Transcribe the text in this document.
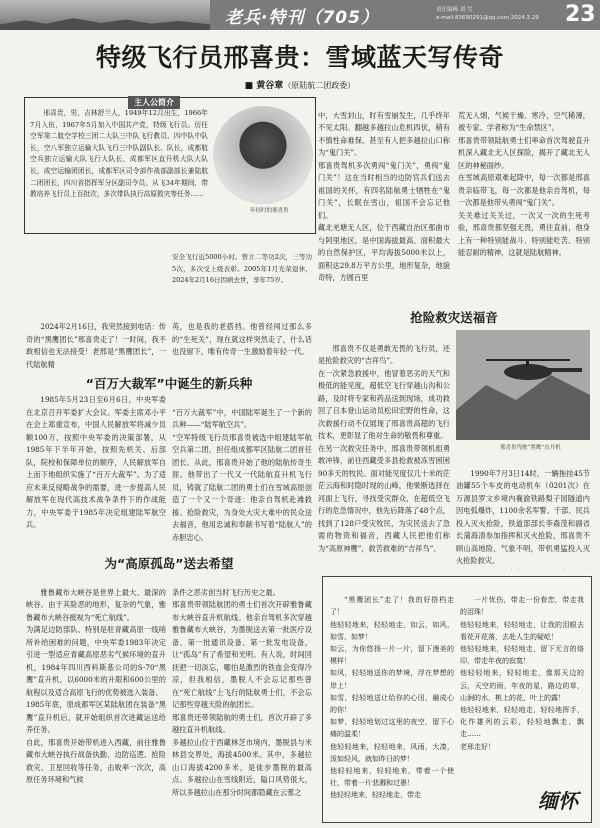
老兵·特刊（705）	责任编辑 刘 雪
e-mail:83690291@qq.com 2024.3.29 23
特级飞行员邢喜贵：雪域蓝天写传奇
■ 黄谷章（原陆航二团政委）
主人公简介

邢喜贵，男，吉林舒兰人，1949年12月出生，1966年7月入伍，1967年5月加入中国共产党，特级飞行员。历任空军第二航空学校三团二大队三中队飞行教员、四中队中队长，空八军独立运输大队飞行三中队副队长、队长，成都航空兵独立运输大队飞行大队长，成都军区直升机大队大队长，成空运输团团长，成都军区司令部作战部副部长兼陆航二团团长，四川省指挥军分区副司令员。从飞34年期间，带教培养飞行员上百批次，多次带队执行高原救灾等任务……

年轻时的邢喜贵

安全飞行近5000小时。曾立二等功2次，三等功5次，多次受上级表彰。2005年1月光荣退休，2024年2月16日因病去世，享年75岁。

2024年2月16日，我突然接到电话：传奇的“黑鹰团长”邢喜贵走了！一时间，我不敢相信也无法接受！老邢是“黑鹰团长”，一代陆航精

英，也是我的老搭档。他曾经闯过那么多的“生死关”，现在就这样突然走了，什么话也没留下，唯有传奇一生激励着年轻一代。

“百万大裁军”中诞生的新兵种

1985年5月23日至6月6日，中央军委在北京召开军委扩大会议。军委主席邓小平在会上郑重宣布，中国人民解放军将减少员额100万，按照中央军委的决策部署，从1985年下半年开始，按照先机关、后部队，院校和保障单位的顺序，人民解放军自上而下地组织实施了“百万大裁军”。为了适应未来反侵略战争的需要，进一步提高人民解放军在现代高技术战争条件下的作战能力，中央军委于1985年决定组建陆军航空兵。

“百万大裁军”中，中国陆军诞生了一个新的兵种——“陆军航空兵”。
“空军特级飞行员邢喜贵被选中组建陆军航空兵第二团，担任组成都军区陆航二团首任团长。从此，邢喜贵开始了他的陆航传奇生涯。他带出了一代又一代陆航直升机飞行员，铸就了陆航二团的勇士们在雪域高原创造了一个又一个奇迹：他亲自驾机赴滩救援、抢险救灾，为身处大灾大难中的民众送去福音，他用忠诚和奉献书写着“陆航人”的赤胆忠心。

为“高原孤岛”送去希望

雅鲁藏布大峡谷是世界上最大、最深的峡谷。由于其险恶的地形，复杂的气象，雅鲁藏布大峡谷被视为“死亡航线”。
为满足边防部队、特别是驻青藏高原一线哨所补给困难的问题，中央军委1983年决定引进一型适应青藏高原恶劣气候环境的直升机，1984年四川西科斯基公司的S-70“黑鹰”直升机，以6000米的升限和600公里的航程以及适合高原飞行的优势被选入装备。
1985年底，原成都军区某陆航团在装备“黑鹰”直升机后，就开始组织首次进藏运送给养任务。
自此，邢喜贵开始带机进入西藏，前往雅鲁藏布大峡谷执行战备执勤、边防巡逻、抢险救灾、卫星回收等任务，击败率一次次，高原任务环境和气候

条件之恶劣创当时飞行历史之最。
邢喜贵带领陆航团的勇士们首次开辟雅鲁藏布大峡谷直升机航线。他亲自驾机多次穿越雅鲁藏布大峡谷，为墨脱送去第一批医疗设备、第一批通讯设备、第一批发电设备，让“孤岛”有了希望和光明。有人说，时间回抚把一切淡忘，哪怕是激烈的铁血会变得冷凉，但我相信，墨脱人不会忘记那些曾在“死亡航线”上飞行的陆航勇士们，不会忘记那些穿越天险的航团长。
邢喜贵还带领陆航的勇士们，首次开辟了多越拉直升机航线。
多越拉山位于西藏林芝市境内，墨脱县与米林县交界处，海拔4500米。其中，多越拉山口海拔4200多米，是徒步墨脱的最高点。多越拉山在雪线附近，隘口风势很大，所以多越拉山在那分时间都隐藏在云雾之

中，大雪封山，时有雪崩发生，几乎终年不见太阳。翻越多越拉山危机四伏，稍有不慎性命难保。甚至有人把多越拉山口称为“鬼门关”。
邢喜贵驾机多次勇闯“鬼门关”，勇闯“鬼门关”！这在当时相当的边防官兵们送去祖国的关怀，有四名陆航勇士牺牲在“鬼门关”，长眠在雪山，祖国不会忘记他们。
藏北羌塘无人区，位于西藏自治区那曲市与阿里地区，是中国海拔最高、面积最大的自然保护区，平均海拔5000米以上，面积达29.8万平方公里，地形复杂，地貌奇特，方圆百里

荒无人烟，气候干燥、寒冷，空气稀薄，被专家、学者称为“生命禁区”。
邢喜贵带领陆航勇士们率命首次驾驶直升机深入藏北无人区探险，揭开了藏北无人区的神秘面纱。
在雪域高原艰难起降中，每一次都是邢喜贵亲临带飞，每一次都是他亲自驾机，每一次都是他带头勇闯“鬼门关”。
关关难过关关过，一次又一次的生死考验，邢喜贵都坚强无畏，勇往直前，他身上有一种特别能战斗、特别能吃苦、特别能忍耐的精神，这就是陆航精神。

抢险救灾送福音

邢喜贵不仅是勇敢无畏的飞行员，还是抢险救灾的“吉祥鸟”。
在一次紧急救援中，他冒着恶劣的天气和极低的能见度，超低空飞行穿越山沟和公路，及时将专家和药品送到现场，成功救回了日本登山运动员松田宏野的性命，这次救援行动不仅展现了邢喜贵高超的飞行技术，更彰显了他对生命的敬畏和尊重。
在另一次救灾任务中，邢喜贵带领机组勇敢冲锋，前往西藏受多县抢救被冻雪困困90多天的牧民。面对能见度仅几十米的茫茫云海和时隐时现的山峰，他果断选择在河面上飞行，寻找受灾群众，在超低空飞行的危急情况中，他先后降落了48个点，找到了128户受灾牧民，为灾民送去了急需的物资和福音，西藏人民把他们称为“高原神鹰”，救苦救难的“吉祥鸟”。

邢喜贵驾驶“黑鹰”直升机

1990年7月3日14时，一辆拖挂45节油罐55个车皮的电动机车（0201次）在万源县罗文乡境内襄渝铁路梨子园隧道内因电弧爆炸，1100余名军警、干部、民兵投入灭火抢险，铁道部部长李森茂和副省长蒲海清参加指挥和灭火抢险，邢喜贵不顾山高地险、气象不明，带机勇猛投入灭火抢险救灾。

“黑鹰团长”走了！我的好搭档走了！
他轻轻地来，轻轻地走，如云，如风，如雪，如梦！
如云，为你悠扬一片一片，留下漫美的模样！
如风，轻轻地送你的梦境，浮在梦想的岸上！
如雪，轻轻地送让给你的心田，融成心的你！
如梦，轻轻地划过这里的夜空，留下心痛的温柔！
他轻轻地来，轻轻地来，风雨，大凑，泼如轻风，就如昨日的梦！
他轻轻地来，轻轻地来，带着一个使壮，带着一片悲溅和过愚！
他轻轻地来，轻轻地走，带走

一片忧伤，带走一份眷恋，带走我的泪珠！
他轻轻地来，轻轻地走，让我的泪眼去看花开花落，去赴人生的疑屹！
他轻轻地来，轻轻地走，留下无言的烙印，带走年夜的寂寞！
他轻轻地来，轻轻地走，像那天边的云，天空的雨，年夜的星，路边的草，山涧的水，桃上的花，叶上的露！
他轻轻地来，轻轻地走，轻轻地挥手，化作雄列的云彩，轻轻地飘走，飘走……
老邢走好！

缅怀
